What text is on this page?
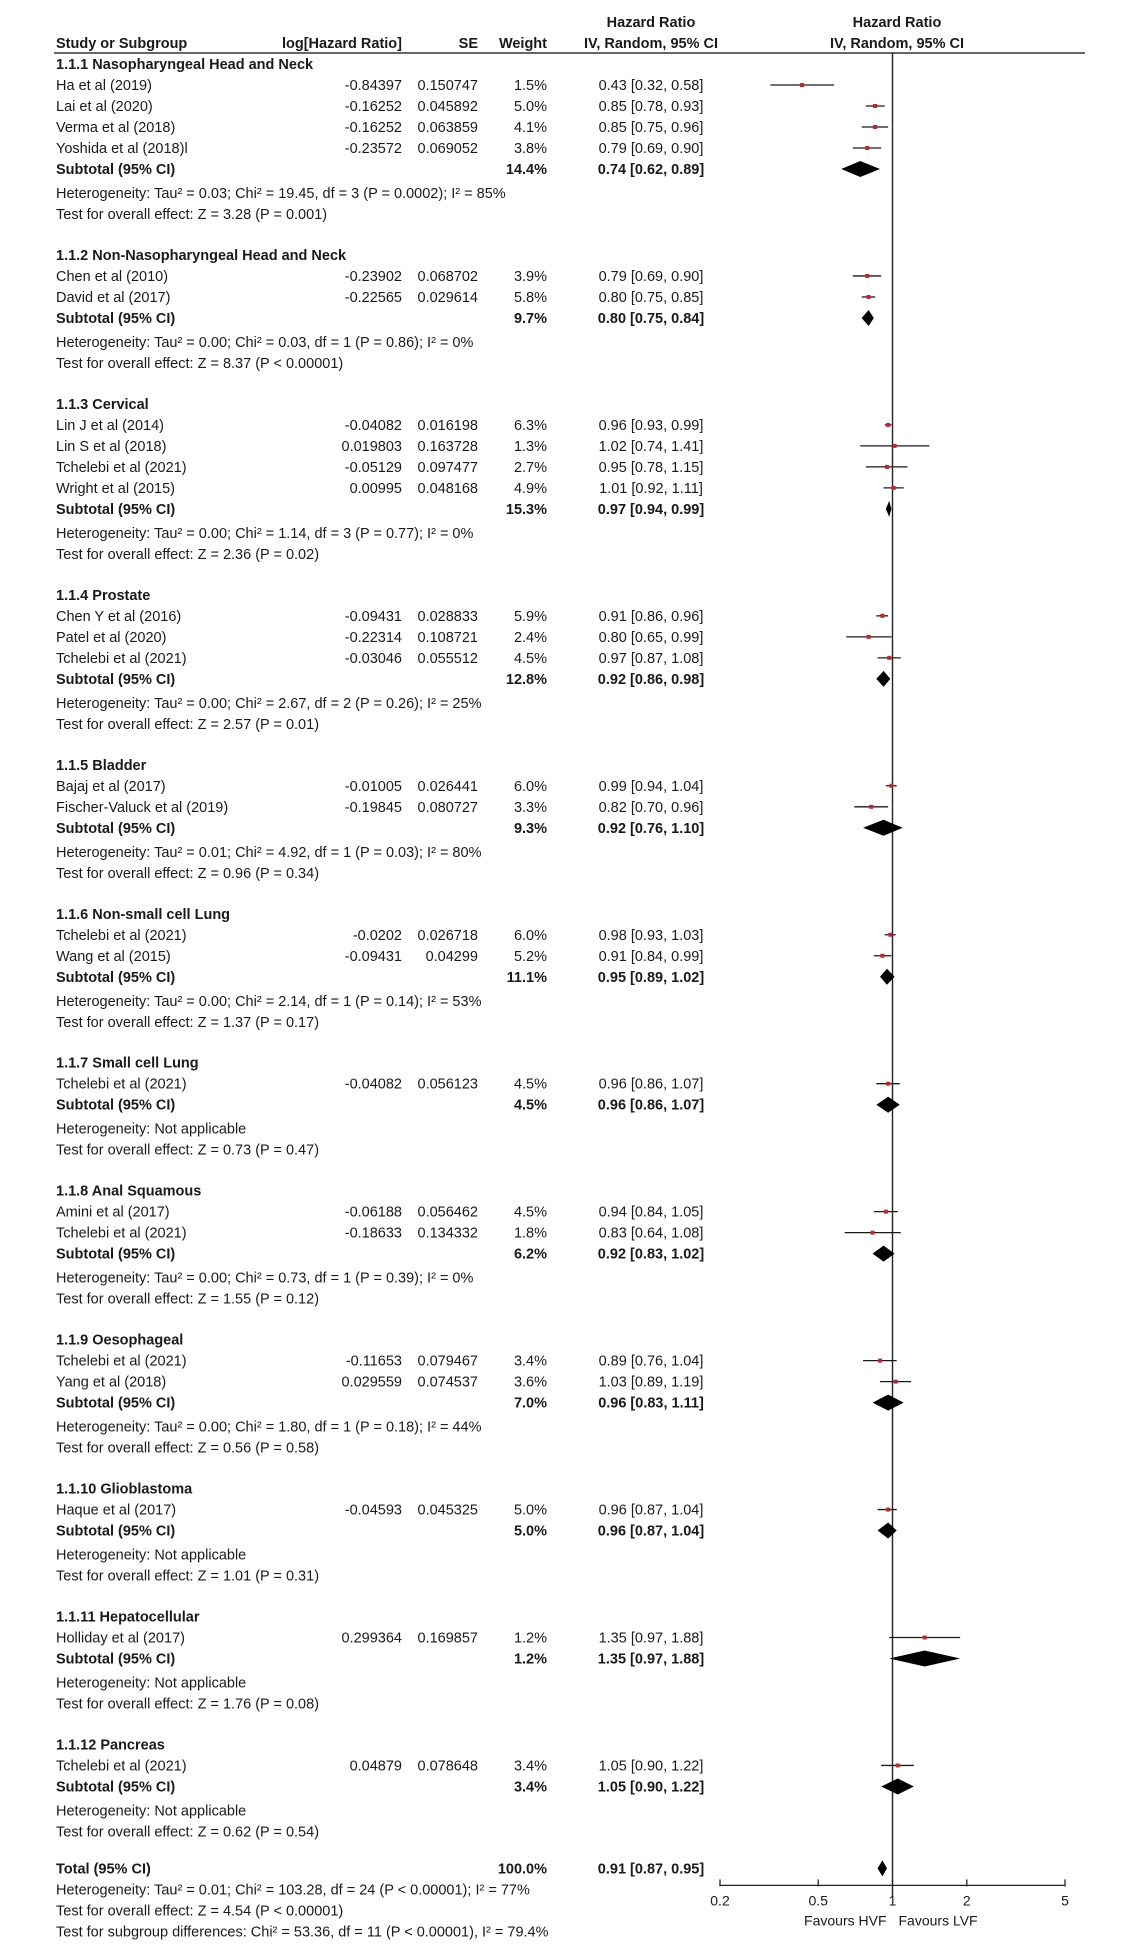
Hazard Ratio	Hazard Ratio
Study or Subgroup	log[Hazard Ratio]	SE Weight	IV, Random, 95% CI	IV, Random, 95% CI
1.1.1 Nasopharyngeal Head and Neck
Ha et al (2019)	-0.84397 0.150747 1.5%	0.43 [0.32, 0.58]
Lai et al (2020)	-0.16252 0.045892 5.0%	0.85 [0.78, 0.93]
Verma et al (2018)	-0.16252 0.063859 4.1%	0.85 [0.75, 0.96]
Yoshida et al (2018)l	-0.23572 0.069052 3.8%	0.79 [0.69, 0.90]
Subtotal (95% CI)	14.4%	0.74 [0.62, 0.89]
Heterogeneity: Tau² = 0.03; Chi² = 19.45, df = 3 (P = 0.0002); I² = 85%
Test for overall effect: Z = 3.28 (P = 0.001)
1.1.2 Non-Nasopharyngeal Head and Neck
Chen et al (2010)	-0.23902 0.068702 3.9%	0.79 [0.69, 0.90]
David et al (2017)	-0.22565 0.029614 5.8%	0.80 [0.75, 0.85]
Subtotal (95% CI)	9.7%	0.80 [0.75, 0.84]
Heterogeneity: Tau² = 0.00; Chi² = 0.03, df = 1 (P = 0.86); I² = 0%
Test for overall effect: Z = 8.37 (P < 0.00001)
1.1.3 Cervical
Lin J et al (2014)	-0.04082 0.016198 6.3%	0.96 [0.93, 0.99]
Lin S et al (2018)	0.019803 0.163728 1.3%	1.02 [0.74, 1.41]
Tchelebi et al (2021)	-0.05129 0.097477 2.7%	0.95 [0.78, 1.15]
Wright et al (2015)	0.00995 0.048168 4.9%	1.01 [0.92, 1.11]
Subtotal (95% CI)	15.3%	0.97 [0.94, 0.99]
Heterogeneity: Tau² = 0.00; Chi² = 1.14, df = 3 (P = 0.77); I² = 0%
Test for overall effect: Z = 2.36 (P = 0.02)
1.1.4 Prostate
Chen Y et al (2016)	-0.09431 0.028833 5.9%	0.91 [0.86, 0.96]
Patel et al (2020)	-0.22314 0.108721 2.4%	0.80 [0.65, 0.99]
Tchelebi et al (2021)	-0.03046 0.055512 4.5%	0.97 [0.87, 1.08]
Subtotal (95% CI)	12.8%	0.92 [0.86, 0.98]
Heterogeneity: Tau² = 0.00; Chi² = 2.67, df = 2 (P = 0.26); I² = 25%
Test for overall effect: Z = 2.57 (P = 0.01)
1.1.5 Bladder
Bajaj et al (2017)	-0.01005 0.026441 6.0%	0.99 [0.94, 1.04]
Fischer-Valuck et al (2019)	-0.19845 0.080727 3.3%	0.82 [0.70, 0.96]
Subtotal (95% CI)	9.3%	0.92 [0.76, 1.10]
Heterogeneity: Tau² = 0.01; Chi² = 4.92, df = 1 (P = 0.03); I² = 80%
Test for overall effect: Z = 0.96 (P = 0.34)
1.1.6 Non-small cell Lung
Tchelebi et al (2021)	-0.0202 0.026718 6.0%	0.98 [0.93, 1.03]
Wang et al (2015)	-0.09431 0.04299 5.2%	0.91 [0.84, 0.99]
Subtotal (95% CI)	11.1%	0.95 [0.89, 1.02]
Heterogeneity: Tau² = 0.00; Chi² = 2.14, df = 1 (P = 0.14); I² = 53%
Test for overall effect: Z = 1.37 (P = 0.17)
1.1.7 Small cell Lung
Tchelebi et al (2021)	-0.04082 0.056123 4.5%	0.96 [0.86, 1.07]
Subtotal (95% CI)	4.5%	0.96 [0.86, 1.07]
Heterogeneity: Not applicable
Test for overall effect: Z = 0.73 (P = 0.47)
1.1.8 Anal Squamous
Amini et al (2017)	-0.06188 0.056462 4.5%	0.94 [0.84, 1.05]
Tchelebi et al (2021)	-0.18633 0.134332 1.8%	0.83 [0.64, 1.08]
Subtotal (95% CI)	6.2%	0.92 [0.83, 1.02]
Heterogeneity: Tau² = 0.00; Chi² = 0.73, df = 1 (P = 0.39); I² = 0%
Test for overall effect: Z = 1.55 (P = 0.12)
1.1.9 Oesophageal
Tchelebi et al (2021)	-0.11653 0.079467 3.4%	0.89 [0.76, 1.04]
Yang et al (2018)	0.029559 0.074537 3.6%	1.03 [0.89, 1.19]
Subtotal (95% CI)	7.0%	0.96 [0.83, 1.11]
Heterogeneity: Tau² = 0.00; Chi² = 1.80, df = 1 (P = 0.18); I² = 44%
Test for overall effect: Z = 0.56 (P = 0.58)
1.1.10 Glioblastoma
Haque et al (2017)	-0.04593 0.045325 5.0%	0.96 [0.87, 1.04]
Subtotal (95% CI)	5.0%	0.96 [0.87, 1.04]
Heterogeneity: Not applicable
Test for overall effect: Z = 1.01 (P = 0.31)
1.1.11 Hepatocellular
Holliday et al (2017)	0.299364 0.169857 1.2%	1.35 [0.97, 1.88]
Subtotal (95% CI)	1.2%	1.35 [0.97, 1.88]
Heterogeneity: Not applicable
Test for overall effect: Z = 1.76 (P = 0.08)
1.1.12 Pancreas
Tchelebi et al (2021)	0.04879 0.078648 3.4%	1.05 [0.90, 1.22]
Subtotal (95% CI)	3.4%	1.05 [0.90, 1.22]
Heterogeneity: Not applicable
Test for overall effect: Z = 0.62 (P = 0.54)
Total (95% CI)	100.0%	0.91 [0.87, 0.95]
Heterogeneity: Tau² = 0.01; Chi² = 103.28, df = 24 (P < 0.00001); I² = 77%
Test for overall effect: Z = 4.54 (P < 0.00001)
Test for subgroup differences: Chi² = 53.36, df = 11 (P < 0.00001), I² = 79.4%
0.2	0.5	1	2	5
Favours HVF Favours LVF
